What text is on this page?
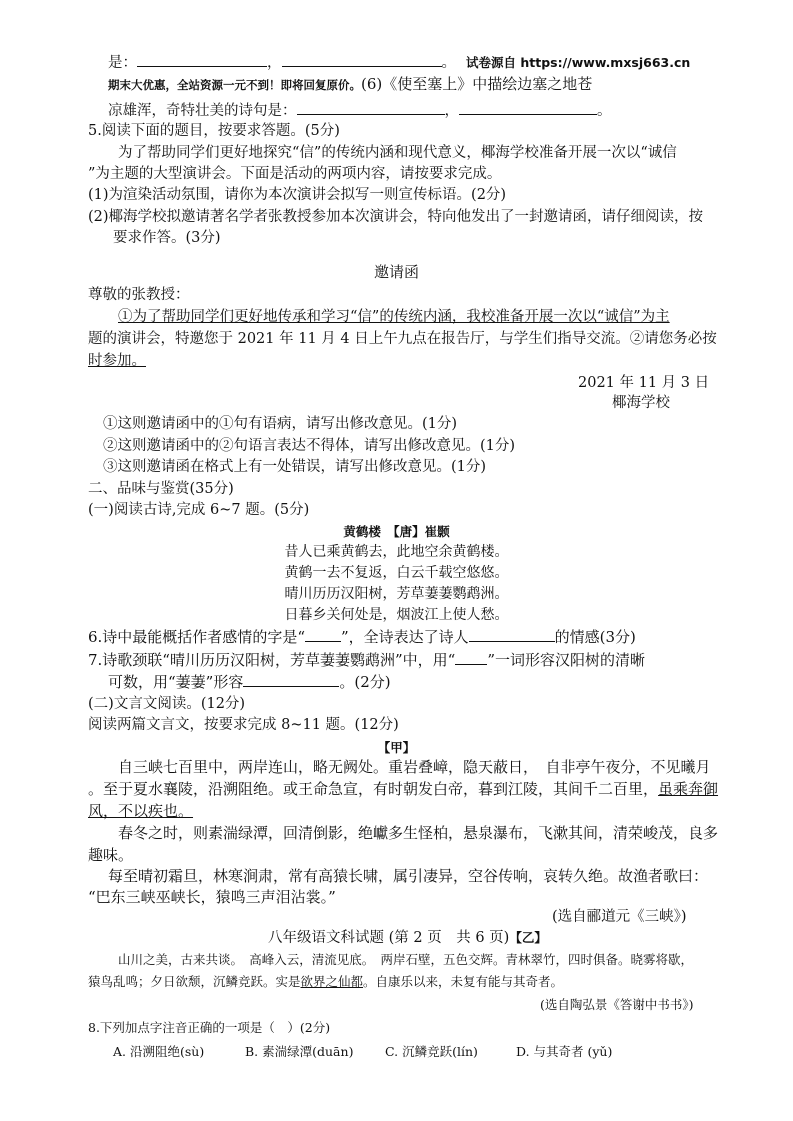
是：	，	。 试卷源自 https://www.mxsj663.cn
期末大优惠，全站资源一元不到！即将回复原价。(6)《使至塞上》中描绘边塞之地苍
凉雄浑，奇特壮美的诗句是：	，	。
5.阅读下面的题目，按要求答题。(5分)
为了帮助同学们更好地探究“信”的传统内涵和现代意义，椰海学校准备开展一次以“诚信
”为主题的大型演讲会。下面是活动的两项内容，请按要求完成。
(1)为渲染活动氛围，请你为本次演讲会拟写一则宣传标语。(2分)
(2)椰海学校拟邀请著名学者张教授参加本次演讲会，特向他发出了一封邀请函，请仔细阅读，按
要求作答。(3分)
邀请函
尊敬的张教授：
①为了帮助同学们更好地传承和学习“信”的传统内涵，我校准备开展一次以“诚信”为主
题的演讲会，特邀您于 2021 年 11 月 4 日上午九点在报告厅，与学生们指导交流。②请您务必按
时参加。
2021 年 11 月 3 日
椰海学校
①这则邀请函中的①句有语病，请写出修改意见。(1分)
②这则邀请函中的②句语言表达不得体，请写出修改意见。(1分)
③这则邀请函在格式上有一处错误，请写出修改意见。(1分)
二、品味与鉴赏(35分)
(一)阅读古诗,完成 6~7 题。(5分)
黄鹤楼　【唐】崔颢
昔人已乘黄鹤去，此地空余黄鹤楼。
黄鹤一去不复返，白云千载空悠悠。
晴川历历汉阳树，芳草萋萋鹦鹉洲。
日暮乡关何处是，烟波江上使人愁。
6.诗中最能概括作者感情的字是“ ”，全诗表达了诗人	的情感(3分)
7.诗歌颈联“晴川历历汉阳树，芳草萋萋鹦鹉洲”中，用“ ”一词形容汉阳树的清晰
可数，用“萋萋”形容	。(2分)
(二)文言文阅读。(12分)
阅读两篇文言文，按要求完成 8~11 题。(12分)
【甲】
自三峡七百里中，两岸连山，略无阙处。重岩叠嶂，隐天蔽日，　自非亭午夜分，不见曦月
。至于夏水襄陵，沿溯阻绝。或王命急宣，有时朝发白帝，暮到江陵，其间千二百里，虽乘奔御
风，不以疾也。
春冬之时，则素湍绿潭，回清倒影，绝巘多生怪柏，悬泉瀑布，飞漱其间，清荣峻茂，良多
趣味。
每至晴初霜旦，林寒涧肃，常有高猿长啸，属引凄异，空谷传响，哀转久绝。故渔者歌曰：
“巴东三峡巫峡长，猿鸣三声泪沾裳。”
(选自郦道元《三峡》)
八年级语文科试题 (第 2 页　共 6 页)【乙】
山川之美，古来共谈。　高峰入云，清流见底。　两岸石壁，五色交辉。青林翠竹，四时俱备。晓雾将歇，
猿鸟乱鸣；夕日欲颓，沉鳞竞跃。实是欲界之仙都。自康乐以来，未复有能与其奇者。
(选自陶弘景《答谢中书书》)
8.下列加点字注音正确的一项是（　）(2分)
A. 沿溯阻绝(sù)	B. 素湍绿潭(duān)	C. 沉鳞竞跃(lín)	D. 与其奇者 (yǔ)
